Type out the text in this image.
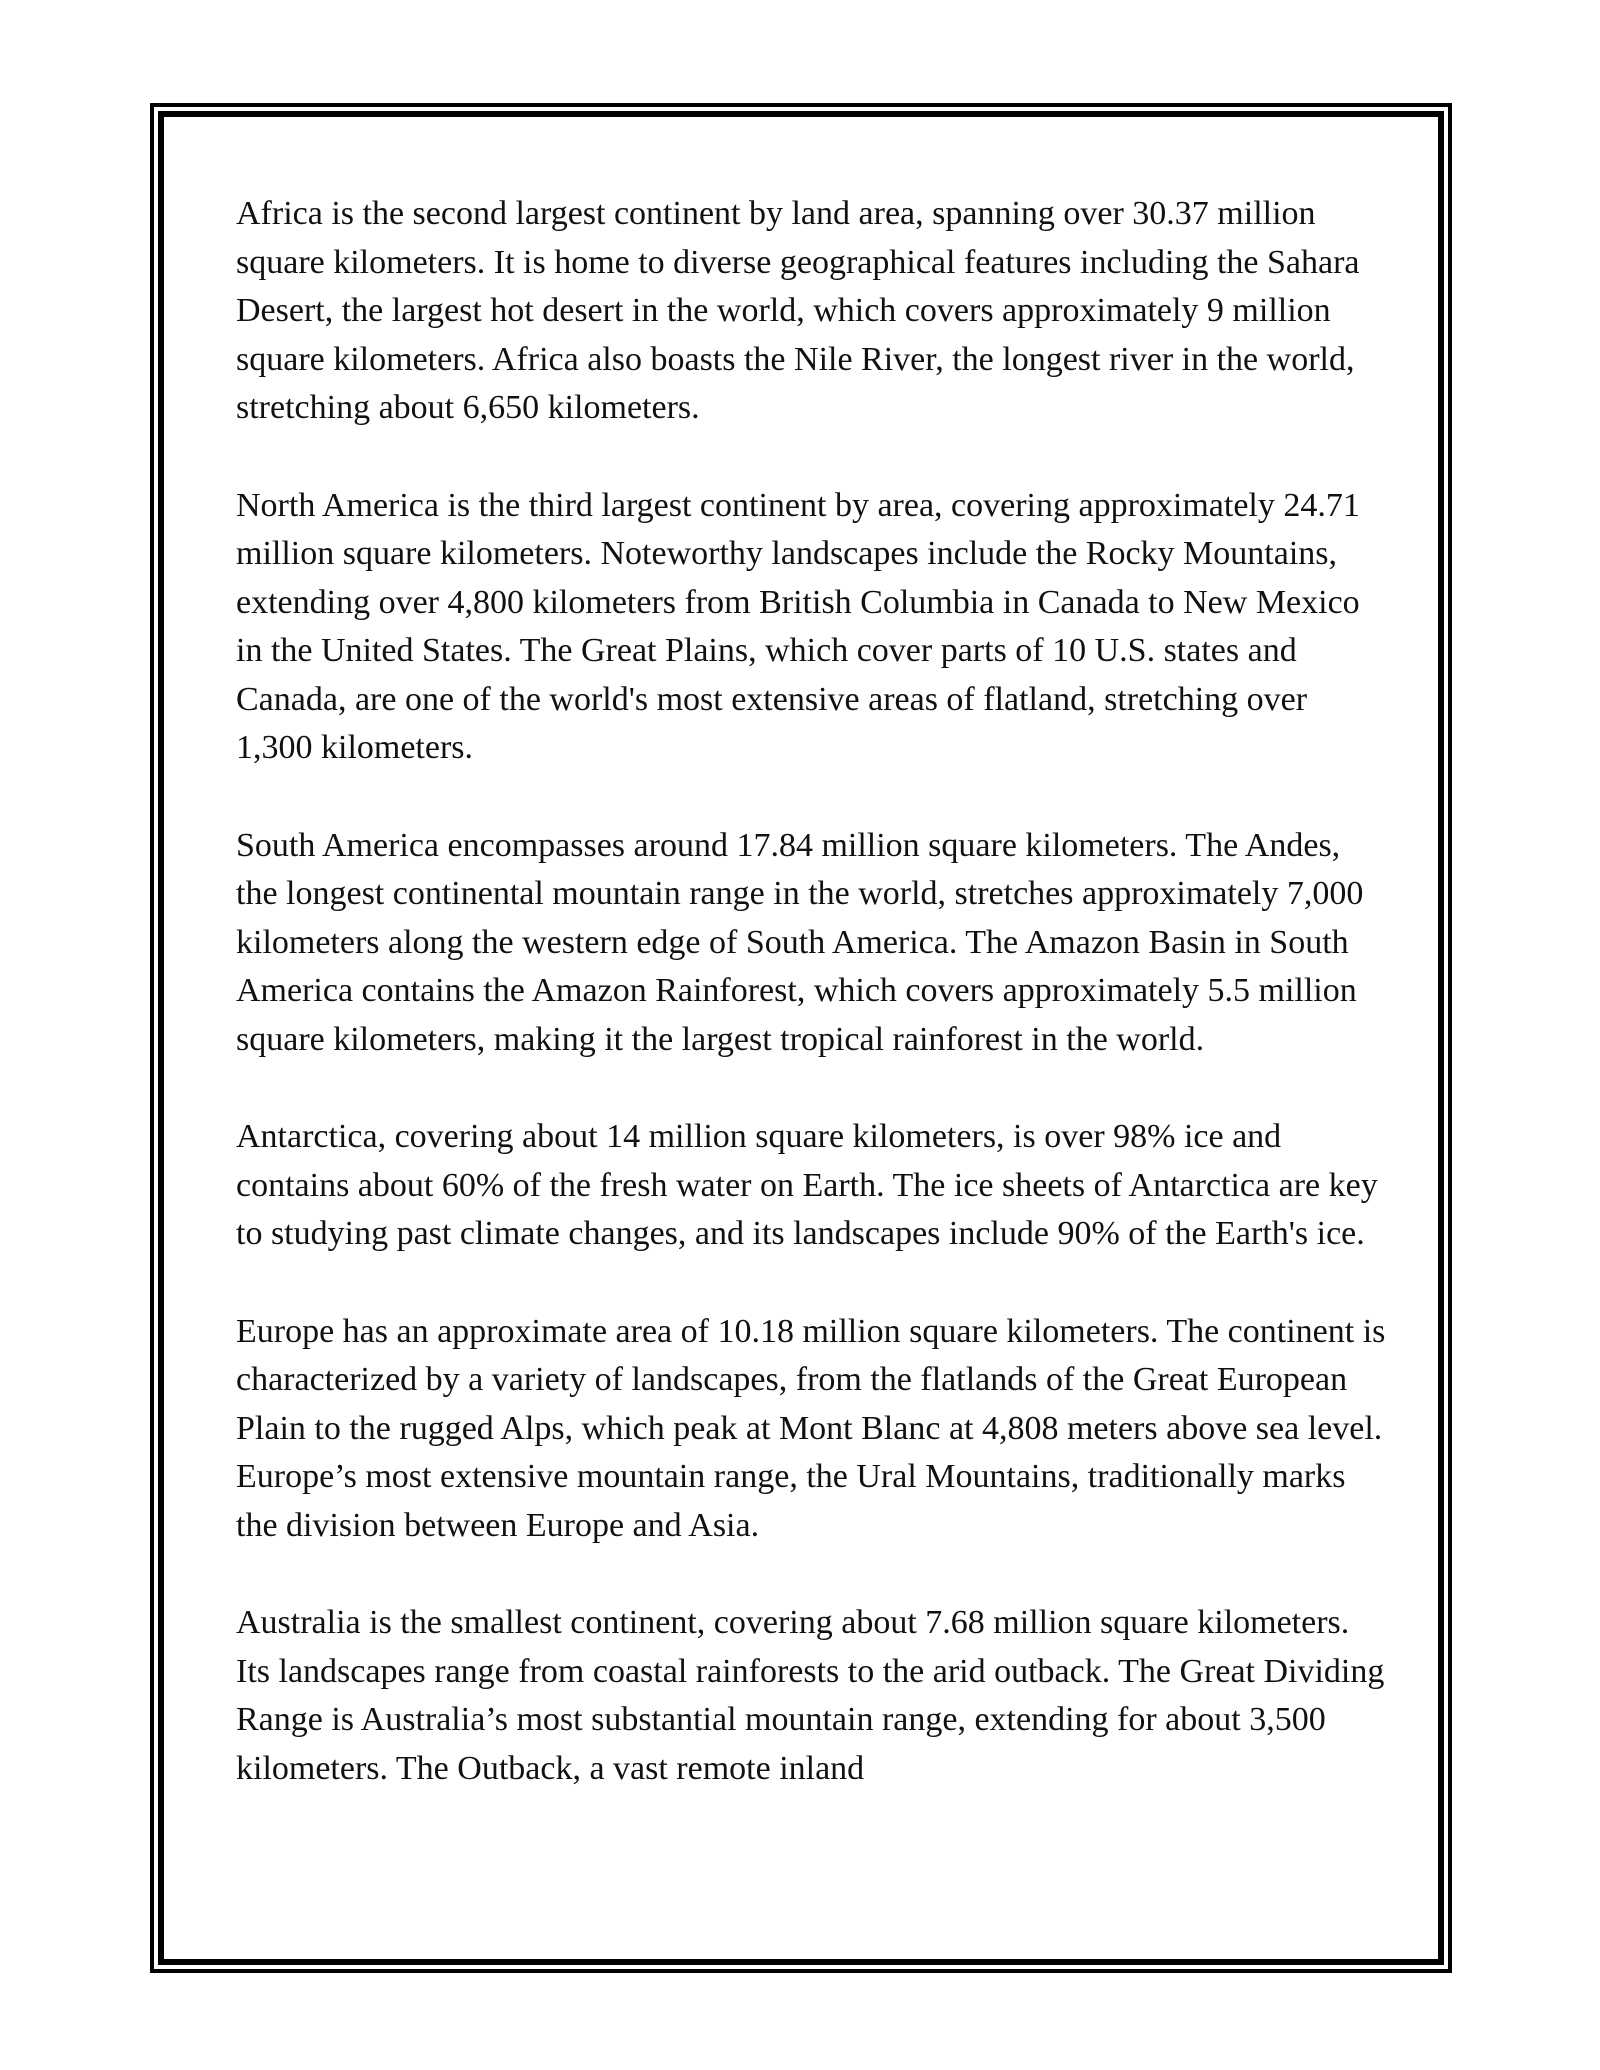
Africa is the second largest continent by land area, spanning over 30.37 million square kilometers. It is home to diverse geographical features including the Sahara Desert, the largest hot desert in the world, which covers approximately 9 million square kilometers. Africa also boasts the Nile River, the longest river in the world, stretching about 6,650 kilometers.

North America is the third largest continent by area, covering approximately 24.71 million square kilometers. Noteworthy landscapes include the Rocky Mountains, extending over 4,800 kilometers from British Columbia in Canada to New Mexico in the United States. The Great Plains, which cover parts of 10 U.S. states and Canada, are one of the world's most extensive areas of flatland, stretching over 1,300 kilometers.

South America encompasses around 17.84 million square kilometers. The Andes, the longest continental mountain range in the world, stretches approximately 7,000 kilometers along the western edge of South America. The Amazon Basin in South America contains the Amazon Rainforest, which covers approximately 5.5 million square kilometers, making it the largest tropical rainforest in the world.

Antarctica, covering about 14 million square kilometers, is over 98% ice and contains about 60% of the fresh water on Earth. The ice sheets of Antarctica are key to studying past climate changes, and its landscapes include 90% of the Earth's ice.

Europe has an approximate area of 10.18 million square kilometers. The continent is characterized by a variety of landscapes, from the flatlands of the Great European Plain to the rugged Alps, which peak at Mont Blanc at 4,808 meters above sea level. Europe’s most extensive mountain range, the Ural Mountains, traditionally marks the division between Europe and Asia.

Australia is the smallest continent, covering about 7.68 million square kilometers. Its landscapes range from coastal rainforests to the arid outback. The Great Dividing Range is Australia’s most substantial mountain range, extending for about 3,500 kilometers. The Outback, a vast remote inland
